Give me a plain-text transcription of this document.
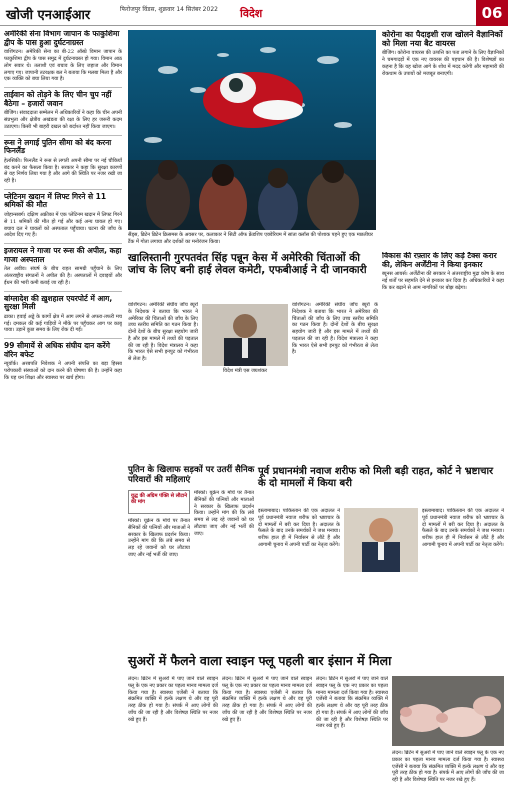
खोजी एनआईआर	फिरोजपुर विंडस, शुक्रवार 14 सितंबर 2022 विदेश	06
अमेरिकी सेना विभाग जापान के फाकुशिमा द्वीप के पास हुआ दुर्घटनाग्रस्त

वाशिंगटन। अमेरिकी सेना का बी-22 ऑस्प्रे विमान जापान के फाकुशिमा द्वीप के पास समुद्र में दुर्घटनाग्रस्त हो गया। विमान आठ लोग सवार थे। तलाशी एवं बचाव के लिए जहाज और विमान लगाए गए। जापानी तटरक्षक बल ने बताया कि मलबा मिला है और एक व्यक्ति को बचा लिया गया है।

ताईवान को तोड़ने के लिए चीन चुप नहीं बैठेगा – हजारों जवान

बीजिंग। संवाददाता सम्मेलन में अधिकारियों ने कहा कि चीन अपनी संप्रभुता और क्षेत्रीय अखंडता की रक्षा के लिए हर जरूरी कदम उठाएगा। किसी भी बाहरी दखल को बर्दाश्त नहीं किया जाएगा।

रूस ने लगाई पुतिन सीमा को बंद करना फिनलैंड

हेलसिंकी। फिनलैंड ने रूस से लगती अपनी सीमा पर नई चौकियाँ बंद करने का फैसला किया है। सरकार ने कहा कि सुरक्षा कारणों से यह निर्णय लिया गया है और आगे की स्थिति पर नजर रखी जा रही है।

प्लेटिनम खदान में लिफ्ट गिरने से 11 श्रमिकों की मौत

जोहान्सबर्ग। दक्षिण अफ्रीका में एक प्लेटिनम खदान में लिफ्ट गिरने से 11 श्रमिकों की मौत हो गई और कई अन्य घायल हो गए। बचाव दल ने घायलों को अस्पताल पहुँचाया। घटना की जाँच के आदेश दिए गए हैं।

इजरायल ने गाजा पर रूस की अपील, कहा गाजा अस्पताल

तेल अवीव। संघर्ष के बीच राहत सामग्री पहुँचाने के लिए अंतरराष्ट्रीय संगठनों ने अपील की है। अस्पतालों में दवाइयों और ईंधन की भारी कमी बताई जा रही है।

बांग्लादेश की ख़ुशहाल एयरपोर्ट में आग, सुरक्षा मिली

ढाका। हवाई अड्डे के कार्गो क्षेत्र में आग लगने से अफरा-तफरी मच गई। दमकल की कई गाड़ियों ने मौके पर पहुँचकर आग पर काबू पाया। उड़ानें कुछ समय के लिए रोक दी गईं।

99 सीमायें से अधिक संघीय दान करेंगे वॉरेन बफेट

न्यूयॉर्क। अरबपति निवेशक ने अपनी संपत्ति का बड़ा हिस्सा परोपकारी संस्थाओं को दान करने की घोषणा की है। उन्होंने कहा कि यह धन शिक्षा और स्वास्थ्य पर खर्च होगा।

सैंड्स, ब्रिटेन ब्रिटेन क्रिसमस के अवसर पर, कलाकार ने सिटी ऑफ फ्रेंडशिप एक्वेरियम में सांता क्लॉस की पोशाक पहने हुए एक मछलीघर टैंक में गोता लगाया और दर्शकों का मनोरंजन किया।
कोरोना का पैदाइशी राज खोलने वैज्ञानिकों को मिला नया बैट वायरस

बीजिंग। कोरोना वायरस की उत्पत्ति का पता लगाने के लिए वैज्ञानिकों ने चमगादड़ों में एक नए वायरस की पहचान की है। विशेषज्ञों का कहना है कि यह खोज आगे के शोध में मदद करेगी और महामारी की रोकथाम के उपायों को मजबूत बनाएगी।

विकास की रफ़्तार के लिए कड़े टैक्स करार की, लेकिन अर्जेंटीना ने किया इनकार

ब्यूनस आयर्स। अर्जेंटीना की सरकार ने अंतरराष्ट्रीय मुद्रा कोष के साथ नई शर्तों पर सहमति देने से इनकार कर दिया है। अधिकारियों ने कहा कि कर बढ़ाने से आम नागरिकों पर बोझ बढ़ेगा।

खालिस्तानी गुरपतवंत सिंह पन्नून केस में अमेरिकी चिंताओं की जांच के लिए बनी हाई लेवल कमेटी, एफबीआई ने दी जानकारी
वाशिंगटन। अमेरिकी संघीय जाँच ब्यूरो के निदेशक ने बताया कि भारत ने अमेरिका की चिंताओं की जाँच के लिए उच्च स्तरीय समिति का गठन किया है। दोनों देशों के बीच सुरक्षा सहयोग जारी है और इस मामले में तथ्यों की पड़ताल की जा रही है। विदेश मंत्रालय ने कहा कि भारत ऐसे सभी इनपुट को गंभीरता से लेता है।
विदेश मंत्री एस जयशंकर
वाशिंगटन। अमेरिकी संघीय जाँच ब्यूरो के निदेशक ने बताया कि भारत ने अमेरिका की चिंताओं की जाँच के लिए उच्च स्तरीय समिति का गठन किया है। दोनों देशों के बीच सुरक्षा सहयोग जारी है और इस मामले में तथ्यों की पड़ताल की जा रही है। विदेश मंत्रालय ने कहा कि भारत ऐसे सभी इनपुट को गंभीरता से लेता है।
पुतिन के खिलाफ सड़कों पर उतरीं सैनिक परिवारों की महिलाएं
युद्ध की अग्रिम पंक्ति से लौटाने की मांग
मॉस्को। यूक्रेन के मोर्चे पर तैनात सैनिकों की पत्नियों और माताओं ने सरकार के खिलाफ प्रदर्शन किया। उन्होंने मांग की कि लंबे समय से लड़ रहे जवानों को घर लौटाया जाए और नई भर्ती की जाए।
मॉस्को। यूक्रेन के मोर्चे पर तैनात सैनिकों की पत्नियों और माताओं ने सरकार के खिलाफ प्रदर्शन किया। उन्होंने मांग की कि लंबे समय से लड़ रहे जवानों को घर लौटाया जाए और नई भर्ती की जाए।
पूर्व प्रधानमंत्री नवाज शरीफ को मिली बड़ी राहत, कोर्ट ने भ्रष्टाचार के दो मामलों में किया बरी
इस्लामाबाद। पाकिस्तान की एक अदालत ने पूर्व प्रधानमंत्री नवाज शरीफ को भ्रष्टाचार के दो मामलों में बरी कर दिया है। अदालत के फैसले के बाद उनके समर्थकों ने जश्न मनाया। शरीफ हाल ही में निर्वासन से लौटे हैं और आगामी चुनाव में अपनी पार्टी का नेतृत्व करेंगे।
इस्लामाबाद। पाकिस्तान की एक अदालत ने पूर्व प्रधानमंत्री नवाज शरीफ को भ्रष्टाचार के दो मामलों में बरी कर दिया है। अदालत के फैसले के बाद उनके समर्थकों ने जश्न मनाया। शरीफ हाल ही में निर्वासन से लौटे हैं और आगामी चुनाव में अपनी पार्टी का नेतृत्व करेंगे।
सुअरों में फैलने वाला स्वाइन फ्लू पहली बार इंसान में मिला
लंदन। ब्रिटेन में सुअरों में पाए जाने वाले स्वाइन फ्लू के एक नए प्रकार का पहला मानव मामला दर्ज किया गया है। स्वास्थ्य एजेंसी ने बताया कि संक्रमित व्यक्ति में हल्के लक्षण थे और वह पूरी तरह ठीक हो गया है। संपर्क में आए लोगों की जाँच की जा रही है और विशेषज्ञ स्थिति पर नजर रखे हुए हैं।
लंदन। ब्रिटेन में सुअरों में पाए जाने वाले स्वाइन फ्लू के एक नए प्रकार का पहला मानव मामला दर्ज किया गया है। स्वास्थ्य एजेंसी ने बताया कि संक्रमित व्यक्ति में हल्के लक्षण थे और वह पूरी तरह ठीक हो गया है। संपर्क में आए लोगों की जाँच की जा रही है और विशेषज्ञ स्थिति पर नजर रखे हुए हैं।
लंदन। ब्रिटेन में सुअरों में पाए जाने वाले स्वाइन फ्लू के एक नए प्रकार का पहला मानव मामला दर्ज किया गया है। स्वास्थ्य एजेंसी ने बताया कि संक्रमित व्यक्ति में हल्के लक्षण थे और वह पूरी तरह ठीक हो गया है। संपर्क में आए लोगों की जाँच की जा रही है और विशेषज्ञ स्थिति पर नजर रखे हुए हैं।
लंदन। ब्रिटेन में सुअरों में पाए जाने वाले स्वाइन फ्लू के एक नए प्रकार का पहला मानव मामला दर्ज किया गया है। स्वास्थ्य एजेंसी ने बताया कि संक्रमित व्यक्ति में हल्के लक्षण थे और वह पूरी तरह ठीक हो गया है। संपर्क में आए लोगों की जाँच की जा रही है और विशेषज्ञ स्थिति पर नजर रखे हुए हैं।
